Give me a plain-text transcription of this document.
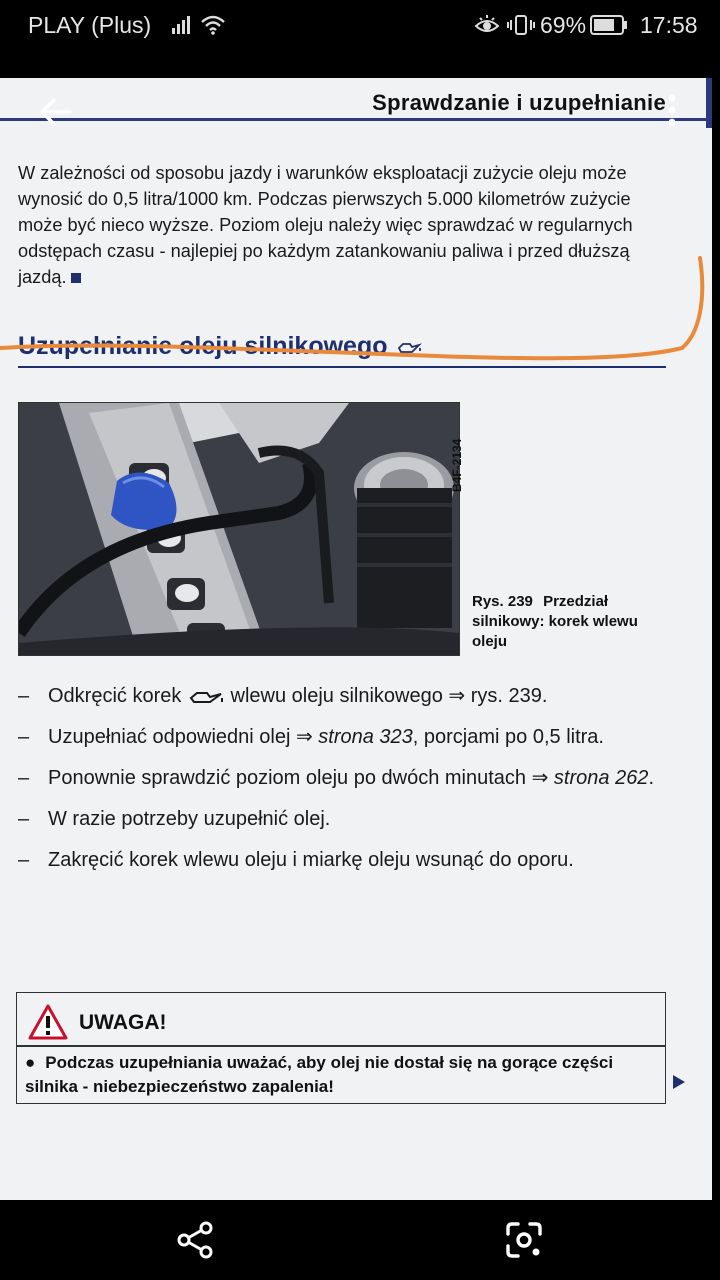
PLAY (Plus)	69% 17:58
Sprawdzanie i uzupełnianie
W zależności od sposobu jazdy i warunków eksploatacji zużycie oleju może wynosić do 0,5 litra/1000 km. Podczas pierwszych 5.000 kilometrów zużycie może być nieco wyższe. Poziom oleju należy więc sprawdzać w regularnych odstępach czasu - najlepiej po każdym zatankowaniu paliwa i przed dłuższą jazdą.
Uzupełnianie oleju silnikowego
B4F-2134
Rys. 239 Przedział silnikowy: korek wlewu oleju
– Odkręcić korek wlewu oleju silnikowego ⇒ rys. 239.
– Uzupełniać odpowiedni olej ⇒ strona 323, porcjami po 0,5 litra.
– Ponownie sprawdzić poziom oleju po dwóch minutach ⇒ strona 262.
– W razie potrzeby uzupełnić olej.
– Zakręcić korek wlewu oleju i miarkę oleju wsunąć do oporu.
UWAGA!
● Podczas uzupełniania uważać, aby olej nie dostał się na gorące części silnika - niebezpieczeństwo zapalenia!
